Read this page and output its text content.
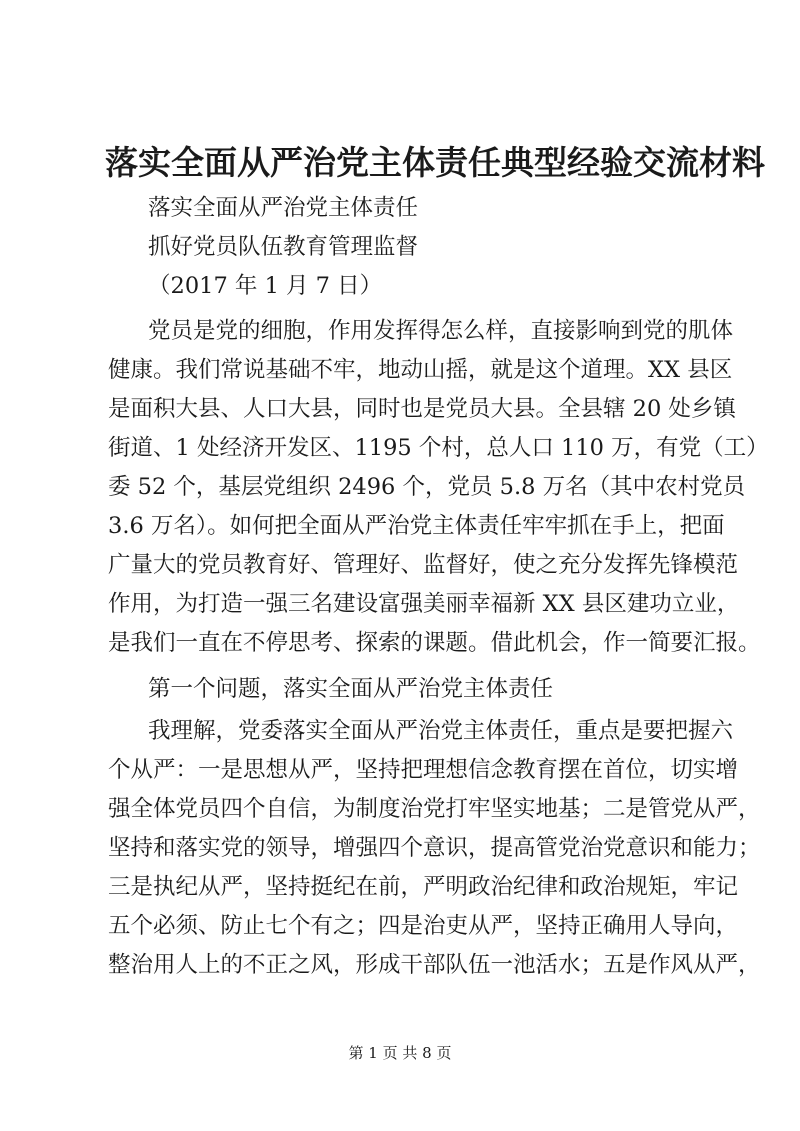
落实全面从严治党主体责任典型经验交流材料

落实全面从严治党主体责任

抓好党员队伍教育管理监督

（2017 年 1 月 7 日）

党员是党的细胞，作用发挥得怎么样，直接影响到党的肌体

健康。我们常说基础不牢，地动山摇，就是这个道理。XX 县区

是面积大县、人口大县，同时也是党员大县。全县辖 20 处乡镇

街道、1 处经济开发区、1195 个村，总人口 110 万，有党（工）

委 52 个，基层党组织 2496 个，党员 5.8 万名（其中农村党员

3.6 万名）。如何把全面从严治党主体责任牢牢抓在手上，把面

广量大的党员教育好、管理好、监督好，使之充分发挥先锋模范

作用，为打造一强三名建设富强美丽幸福新 XX 县区建功立业，

是我们一直在不停思考、探索的课题。借此机会，作一简要汇报。

第一个问题，落实全面从严治党主体责任

我理解，党委落实全面从严治党主体责任，重点是要把握六

个从严：一是思想从严，坚持把理想信念教育摆在首位，切实增

强全体党员四个自信，为制度治党打牢坚实地基；二是管党从严，

坚持和落实党的领导，增强四个意识，提高管党治党意识和能力；

三是执纪从严，坚持挺纪在前，严明政治纪律和政治规矩，牢记

五个必须、防止七个有之；四是治吏从严，坚持正确用人导向，

整治用人上的不正之风，形成干部队伍一池活水；五是作风从严，

第 1 页 共 8 页
